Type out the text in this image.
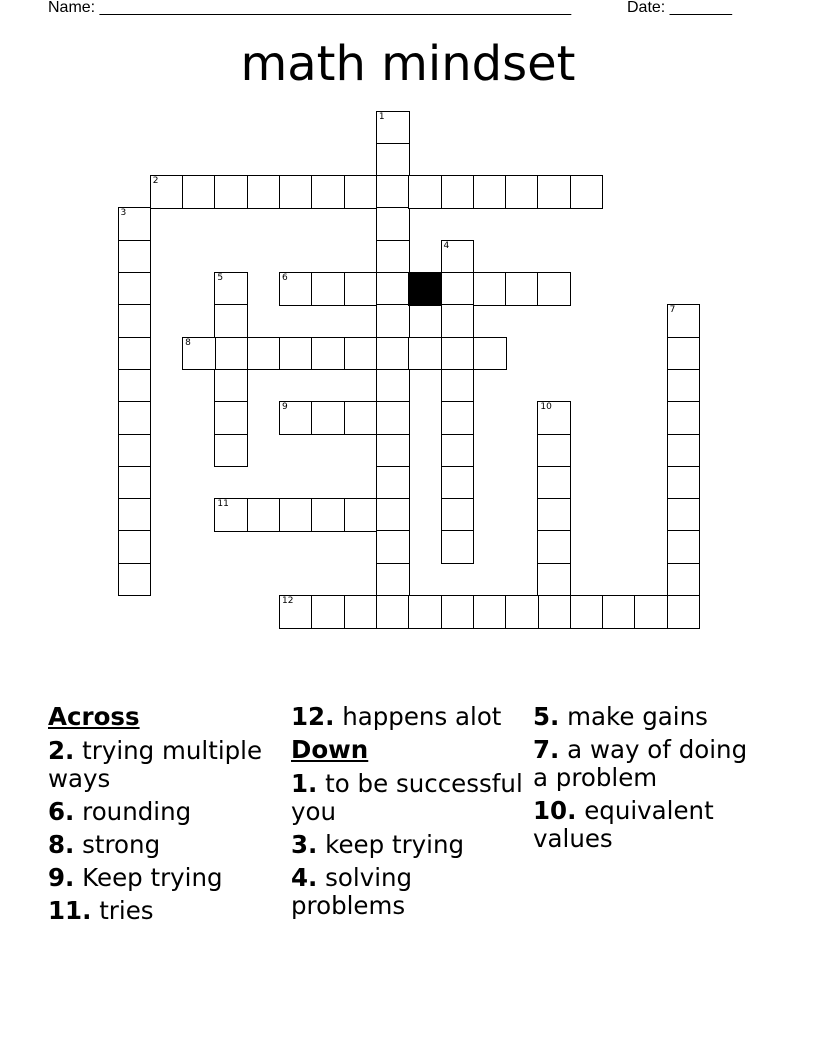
Name: _____________________________________________________	Date: _______
math mindset
1
2
3
4
5	6
7
8
9	10
11
12
Across
2. trying multiple ways
6. rounding
8. strong
9. Keep trying
11. tries
12. happens alot
Down
1. to be successful you
3. keep trying
4. solving problems
5. make gains
7. a way of doing a problem
10. equivalent values
